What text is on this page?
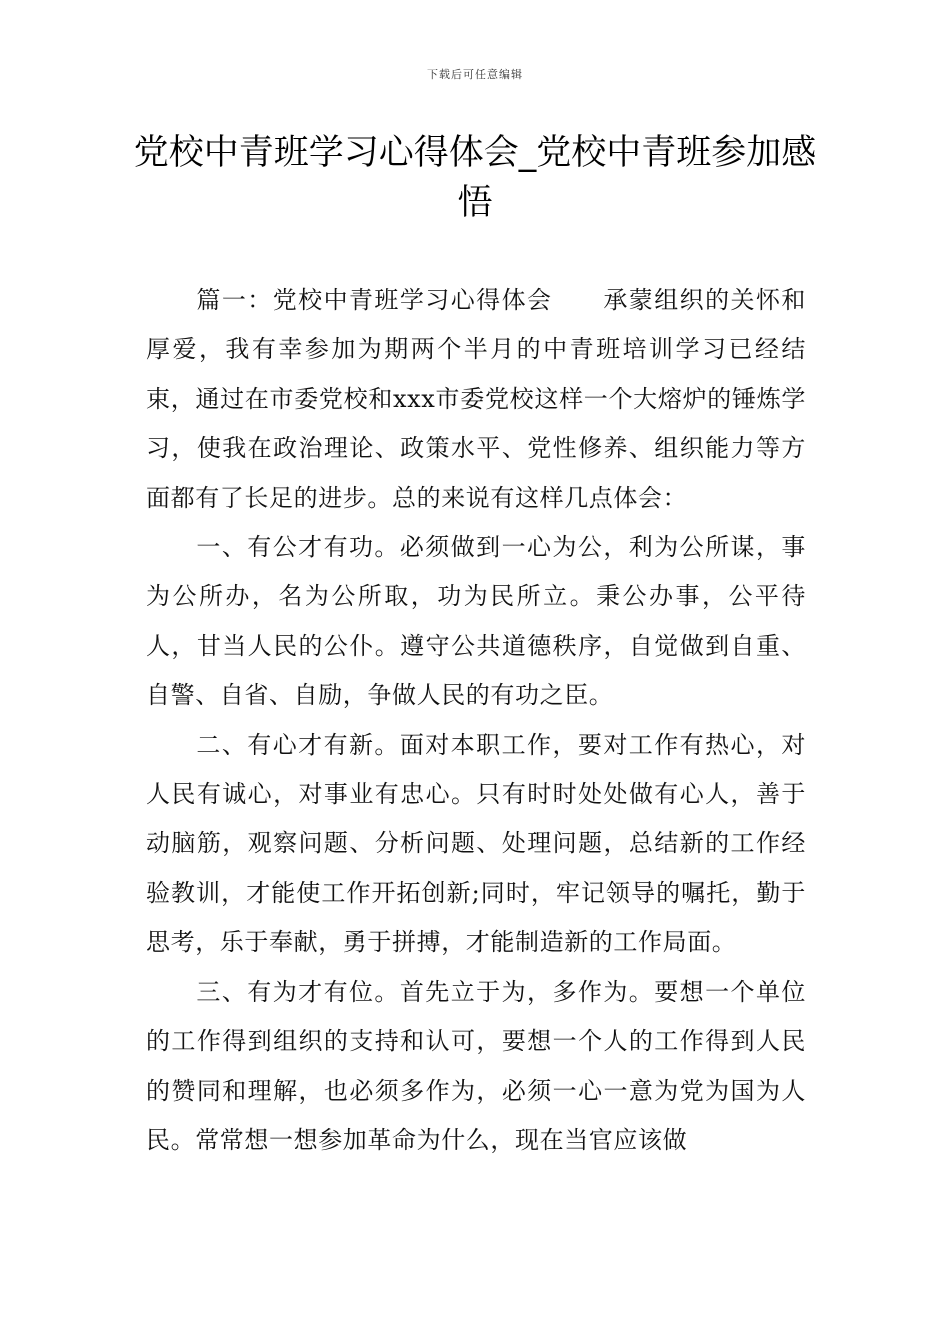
下载后可任意编辑
党校中青班学习心得体会_党校中青班参加感悟

篇一：党校中青班学习心得体会　　承蒙组织的关怀和厚爱，我有幸参加为期两个半月的中青班培训学习已经结束，通过在市委党校和xxx市委党校这样一个大熔炉的锤炼学习，使我在政治理论、政策水平、党性修养、组织能力等方面都有了长足的进步。总的来说有这样几点体会：

一、有公才有功。必须做到一心为公，利为公所谋，事为公所办，名为公所取，功为民所立。秉公办事，公平待人，甘当人民的公仆。遵守公共道德秩序，自觉做到自重、自警、自省、自励，争做人民的有功之臣。

二、有心才有新。面对本职工作，要对工作有热心，对人民有诚心，对事业有忠心。只有时时处处做有心人，善于动脑筋，观察问题、分析问题、处理问题，总结新的工作经验教训，才能使工作开拓创新;同时，牢记领导的嘱托，勤于思考，乐于奉献，勇于拼搏，才能制造新的工作局面。

三、有为才有位。首先立于为，多作为。要想一个单位的工作得到组织的支持和认可，要想一个人的工作得到人民的赞同和理解，也必须多作为，必须一心一意为党为国为人民。常常想一想参加革命为什么，现在当官应该做
